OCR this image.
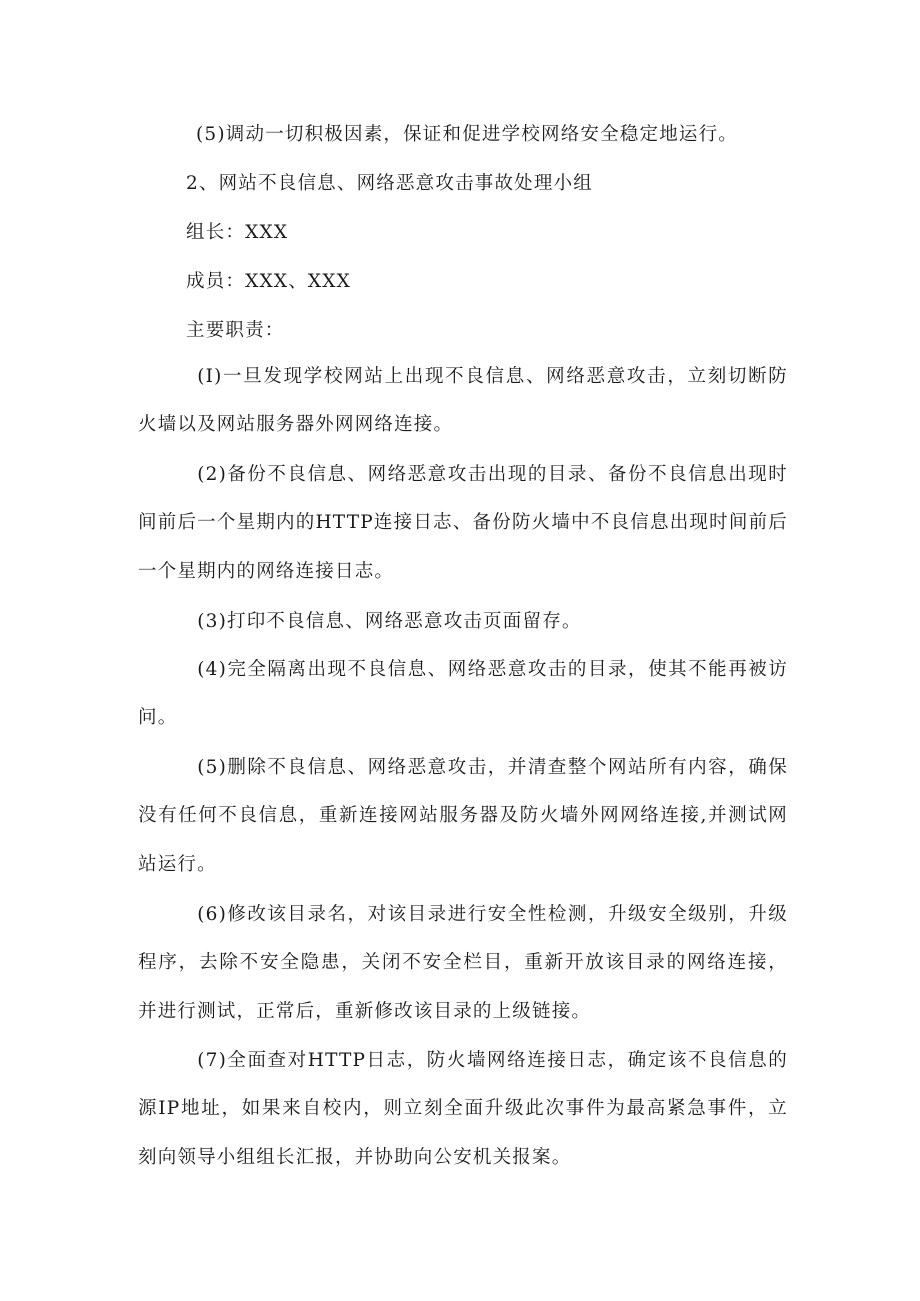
(5)调动一切积极因素，保证和促进学校网络安全稳定地运行。

2、网站不良信息、网络恶意攻击事故处理小组

组长：XXX

成员：XXX、XXX

主要职责：

(I)一旦发现学校网站上出现不良信息、网络恶意攻击，立刻切断防火墙以及网站服务器外网网络连接。

(2)备份不良信息、网络恶意攻击出现的目录、备份不良信息出现时间前后一个星期内的HTTP连接日志、备份防火墙中不良信息出现时间前后一个星期内的网络连接日志。

(3)打印不良信息、网络恶意攻击页面留存。

(4)完全隔离出现不良信息、网络恶意攻击的目录，使其不能再被访问。

(5)删除不良信息、网络恶意攻击，并清查整个网站所有内容，确保没有任何不良信息，重新连接网站服务器及防火墙外网网络连接,并测试网站运行。

(6)修改该目录名，对该目录进行安全性检测，升级安全级别，升级程序，去除不安全隐患，关闭不安全栏目，重新开放该目录的网络连接，并进行测试，正常后，重新修改该目录的上级链接。

(7)全面查对HTTP日志，防火墙网络连接日志，确定该不良信息的源IP地址，如果来自校内，则立刻全面升级此次事件为最高紧急事件，立刻向领导小组组长汇报，并协助向公安机关报案。
